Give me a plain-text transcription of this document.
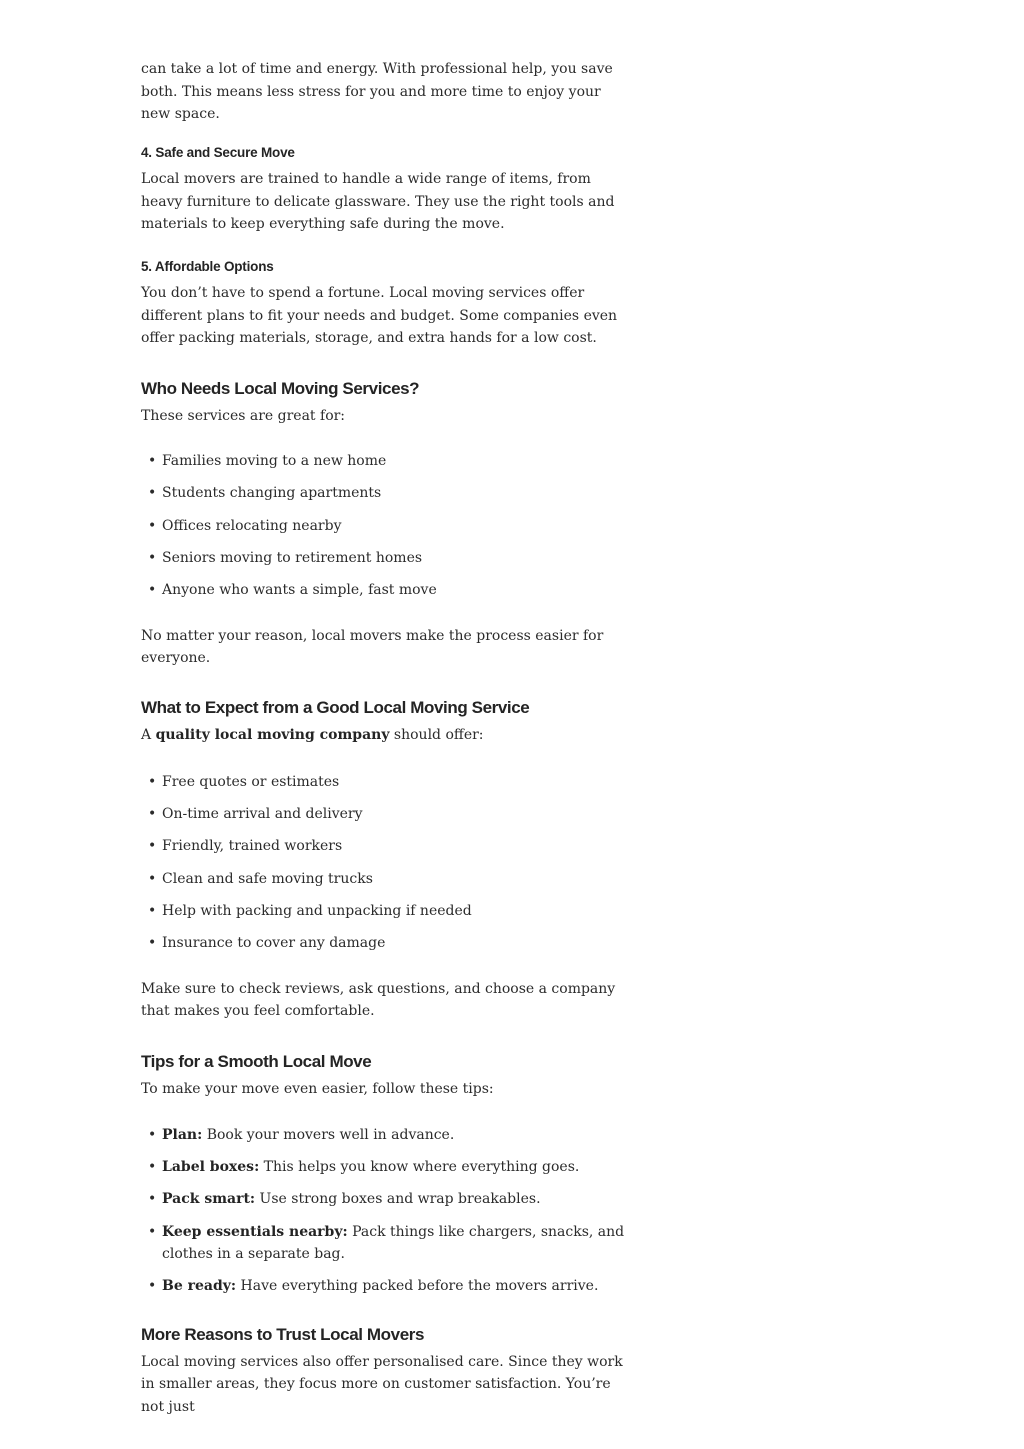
can take a lot of time and energy. With professional help, you save both. This means less stress for you and more time to enjoy your new space.

4. Safe and Secure Move

Local movers are trained to handle a wide range of items, from heavy furniture to delicate glassware. They use the right tools and materials to keep everything safe during the move.

5. Affordable Options

You don’t have to spend a fortune. Local moving services offer different plans to fit your needs and budget. Some companies even offer packing materials, storage, and extra hands for a low cost.

Who Needs Local Moving Services?

These services are great for:

• Families moving to a new home
• Students changing apartments
• Offices relocating nearby
• Seniors moving to retirement homes
• Anyone who wants a simple, fast move

No matter your reason, local movers make the process easier for everyone.

What to Expect from a Good Local Moving Service

A quality local moving company should offer:

• Free quotes or estimates
• On-time arrival and delivery
• Friendly, trained workers
• Clean and safe moving trucks
• Help with packing and unpacking if needed
• Insurance to cover any damage

Make sure to check reviews, ask questions, and choose a company that makes you feel comfortable.

Tips for a Smooth Local Move

To make your move even easier, follow these tips:

• Plan: Book your movers well in advance.
• Label boxes: This helps you know where everything goes.
• Pack smart: Use strong boxes and wrap breakables.
• Keep essentials nearby: Pack things like chargers, snacks, and clothes in a separate bag.
• Be ready: Have everything packed before the movers arrive.
More Reasons to Trust Local Movers

Local moving services also offer personalised care. Since they work in smaller areas, they focus more on customer satisfaction. You’re not just
